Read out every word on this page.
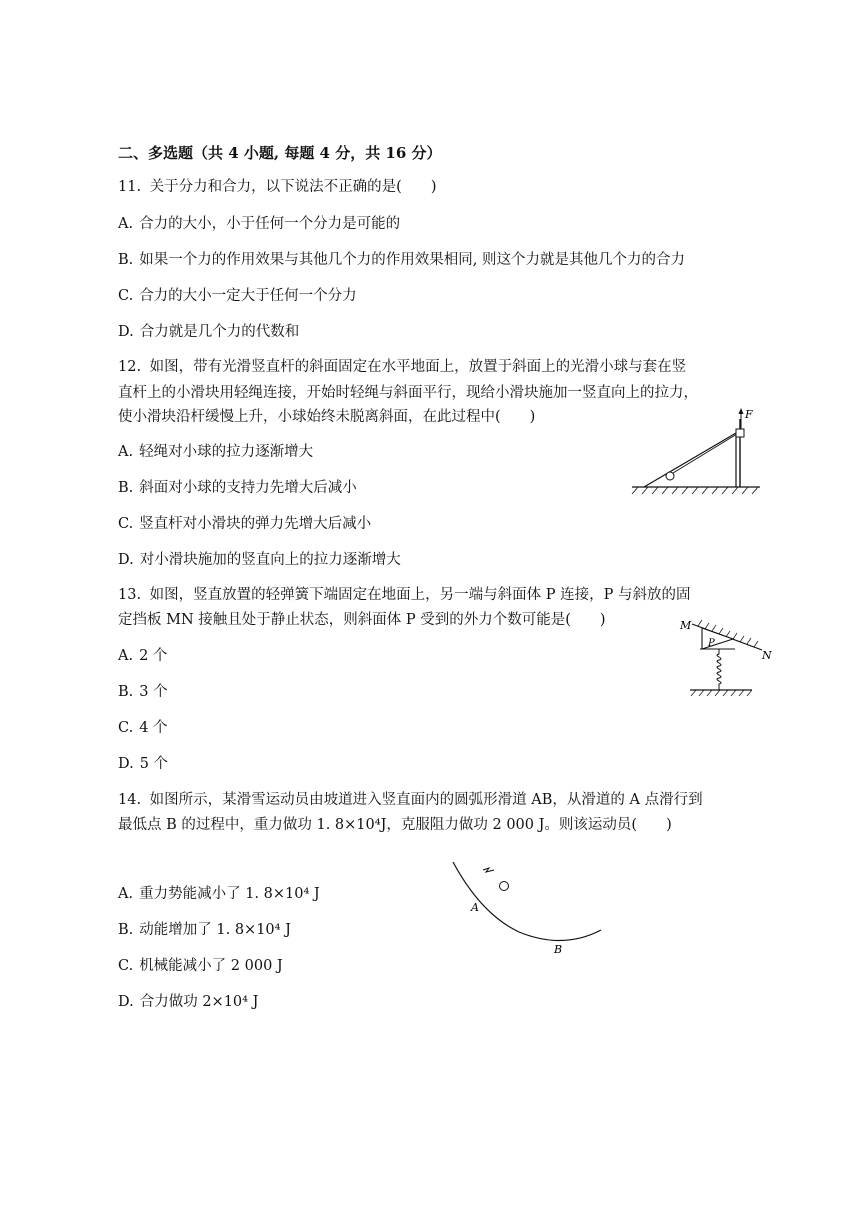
二、多选题（共 4 小题, 每题 4 分，共 16 分）
11. 关于分力和合力，以下说法不正确的是(　　)
A. 合力的大小，小于任何一个分力是可能的
B. 如果一个力的作用效果与其他几个力的作用效果相同, 则这个力就是其他几个力的合力
C. 合力的大小一定大于任何一个分力
D. 合力就是几个力的代数和
12. 如图，带有光滑竖直杆的斜面固定在水平地面上，放置于斜面上的光滑小球与套在竖
直杆上的小滑块用轻绳连接，开始时轻绳与斜面平行，现给小滑块施加一竖直向上的拉力，
使小滑块沿杆缓慢上升，小球始终未脱离斜面，在此过程中(　　)
A. 轻绳对小球的拉力逐渐增大
B. 斜面对小球的支持力先增大后减小
C. 竖直杆对小滑块的弹力先增大后减小
D. 对小滑块施加的竖直向上的拉力逐渐增大
F
13. 如图，竖直放置的轻弹簧下端固定在地面上，另一端与斜面体 P 连接，P 与斜放的固
定挡板 MN 接触且处于静止状态，则斜面体 P 受到的外力个数可能是(　　)
A. 2 个
B. 3 个
C. 4 个
D. 5 个
M
N
P
14. 如图所示，某滑雪运动员由坡道进入竖直面内的圆弧形滑道 AB，从滑道的 A 点滑行到
最低点 B 的过程中，重力做功 1. 8×10⁴J，克服阻力做功 2 000 J。则该运动员(　　)
A. 重力势能减小了 1. 8×10⁴ J
B. 动能增加了 1. 8×10⁴ J
C. 机械能减小了 2 000 J
D. 合力做功 2×10⁴ J
A
B
